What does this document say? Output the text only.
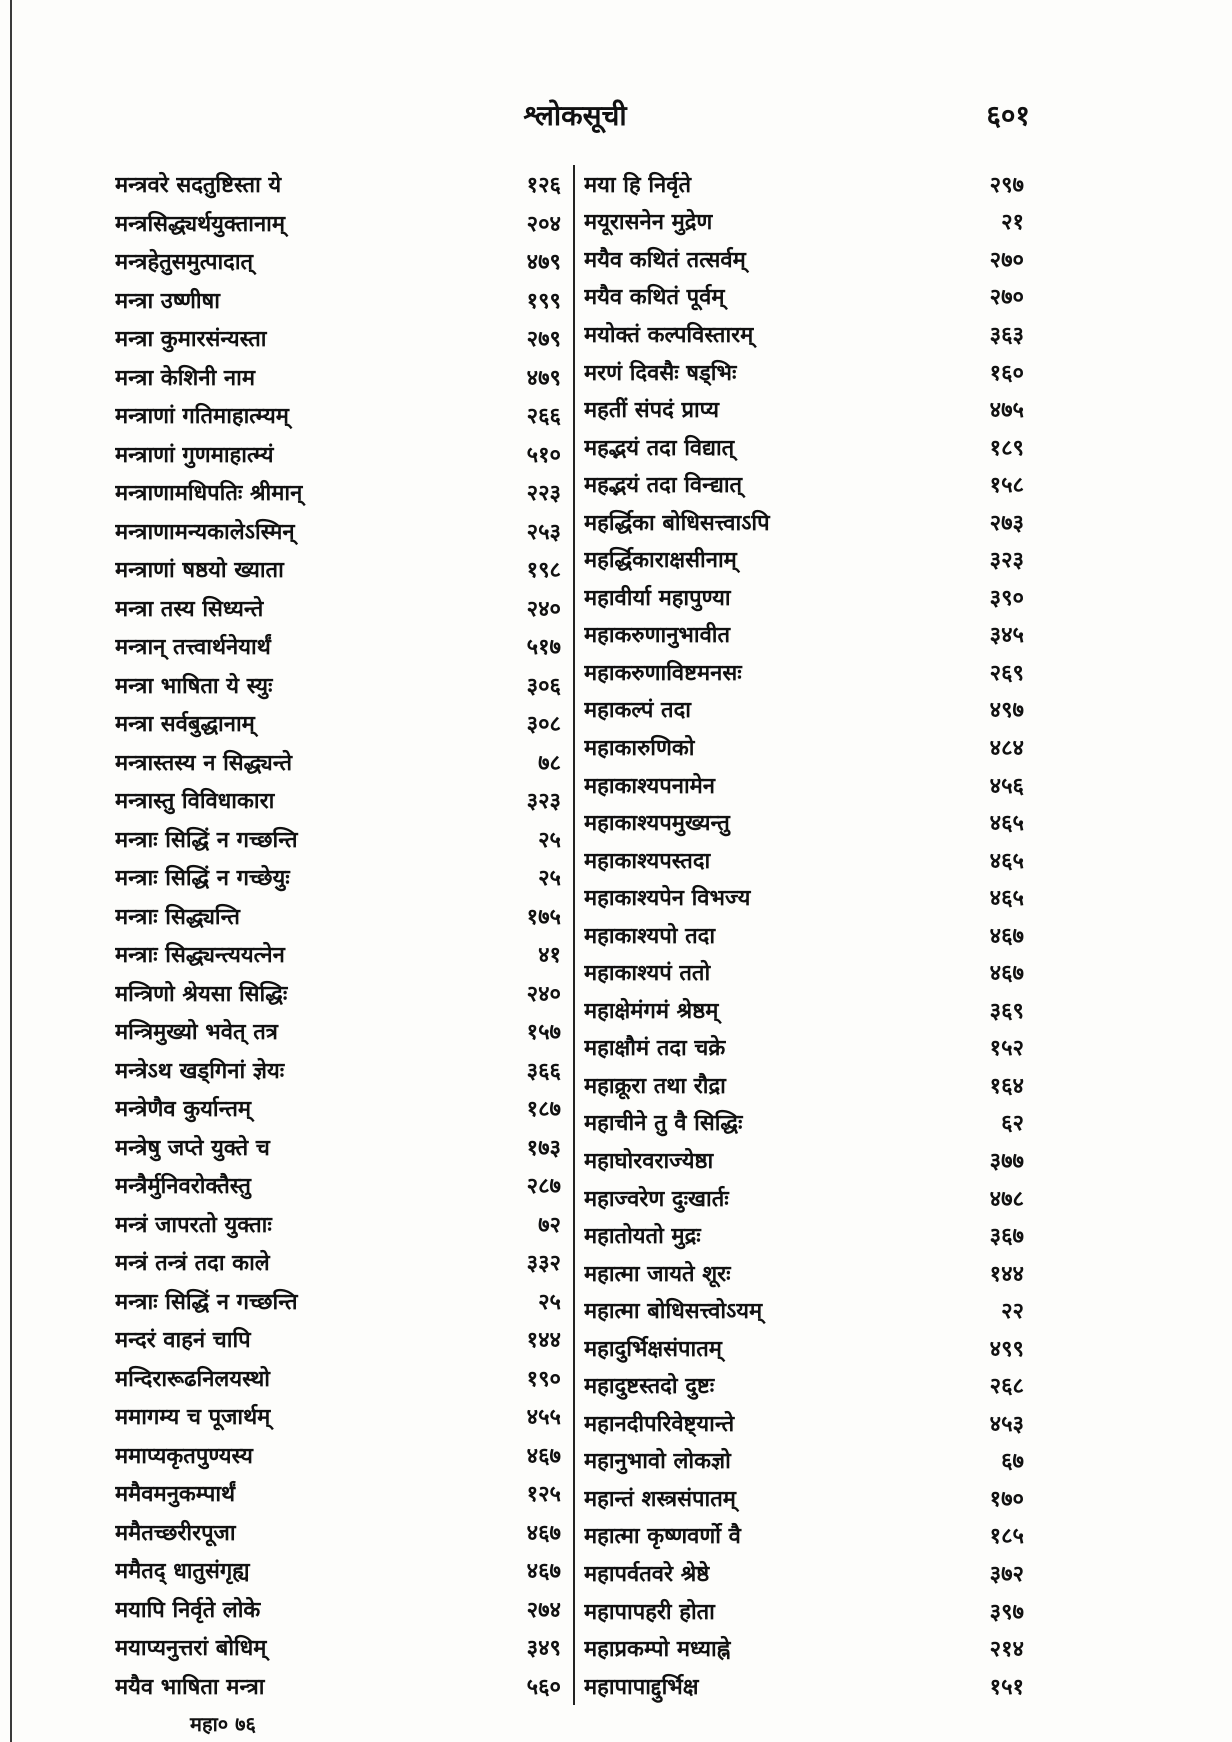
श्लोकसूची	६०१
मन्त्रवरे सदतुष्टिस्ता ये	१२६
मन्त्रसिद्ध्यर्थयुक्तानाम्	२०४
मन्त्रहेतुसमुत्पादात्	४७९
मन्त्रा उष्णीषा	१९९
मन्त्रा कुमारसंन्यस्ता	२७९
मन्त्रा केशिनी नाम	४७९
मन्त्राणां गतिमाहात्म्यम्	२६६
मन्त्राणां गुणमाहात्म्यं	५१०
मन्त्राणामधिपतिः श्रीमान्	२२३
मन्त्राणामन्यकालेऽस्मिन्	२५३
मन्त्राणां षष्ठयो ख्याता	१९८
मन्त्रा तस्य सिध्यन्ते	२४०
मन्त्रान् तत्त्वार्थनेयार्थं	५१७
मन्त्रा भाषिता ये स्युः	३०६
मन्त्रा सर्वबुद्धानाम्	३०८
मन्त्रास्तस्य न सिद्ध्यन्ते	७८
मन्त्रास्तु विविधाकारा	३२३
मन्त्राः सिद्धिं न गच्छन्ति	२५
मन्त्राः सिद्धिं न गच्छेयुः	२५
मन्त्राः सिद्ध्यन्ति	१७५
मन्त्राः सिद्ध्यन्त्ययत्नेन	४१
मन्त्रिणो श्रेयसा सिद्धिः	२४०
मन्त्रिमुख्यो भवेत् तत्र	१५७
मन्त्रेऽथ खड्गिनां ज्ञेयः	३६६
मन्त्रेणैव कुर्यान्तम्	१८७
मन्त्रेषु जप्ते युक्ते च	१७३
मन्त्रैर्मुनिवरोक्तैस्तु	२८७
मन्त्रं जापरतो युक्ताः	७२
मन्त्रं तन्त्रं तदा काले	३३२
मन्त्राः सिद्धिं न गच्छन्ति	२५
मन्दरं वाहनं चापि	१४४
मन्दिरारूढनिलयस्थो	१९०
ममागम्य च पूजार्थम्	४५५
ममाप्यकृतपुण्यस्य	४६७
ममैवमनुकम्पार्थं	१२५
ममैतच्छरीरपूजा	४६७
ममैतद् धातुसंगृह्य	४६७
मयापि निर्वृते लोके	२७४
मयाप्यनुत्तरां बोधिम्	३४९
मयैव भाषिता मन्त्रा	५६०
मया हि निर्वृते	२९७
मयूरासनेन मुद्रेण	२१
मयैव कथितं तत्सर्वम्	२७०
मयैव कथितं पूर्वम्	२७०
मयोक्तं कल्पविस्तारम्	३६३
मरणं दिवसैः षड्भिः	१६०
महतीं संपदं प्राप्य	४७५
महद्भयं तदा विद्यात्	१८९
महद्भयं तदा विन्द्यात्	१५८
महर्द्धिका बोधिसत्त्वाऽपि	२७३
महर्द्धिकाराक्षसीनाम्	३२३
महावीर्या महापुण्या	३९०
महाकरुणानुभावीत	३४५
महाकरुणाविष्टमनसः	२६९
महाकल्पं तदा	४९७
महाकारुणिको	४८४
महाकाश्यपनामेन	४५६
महाकाश्यपमुख्यन्तु	४६५
महाकाश्यपस्तदा	४६५
महाकाश्यपेन विभज्य	४६५
महाकाश्यपो तदा	४६७
महाकाश्यपं ततो	४६७
महाक्षेमंगमं श्रेष्ठम्	३६९
महाक्षौमं तदा चक्रे	१५२
महाक्रूरा तथा रौद्रा	१६४
महाचीने तु वै सिद्धिः	६२
महाघोरवराज्येष्ठा	३७७
महाज्वरेण दुःखार्तः	४७८
महातोयतो मुद्रः	३६७
महात्मा जायते शूरः	१४४
महात्मा बोधिसत्त्वोऽयम्	२२
महादुर्भिक्षसंपातम्	४९९
महादुष्टस्तदो दुष्टः	२६८
महानदीपरिवेष्ट्यान्ते	४५३
महानुभावो लोकज्ञो	६७
महान्तं शस्त्रसंपातम्	१७०
महात्मा कृष्णवर्णो वै	१८५
महापर्वतवरे श्रेष्ठे	३७२
महापापहरी होता	३९७
महाप्रकम्पो मध्याह्ने	२१४
महापापाद्दुर्भिक्ष	१५१
महा० ७६
